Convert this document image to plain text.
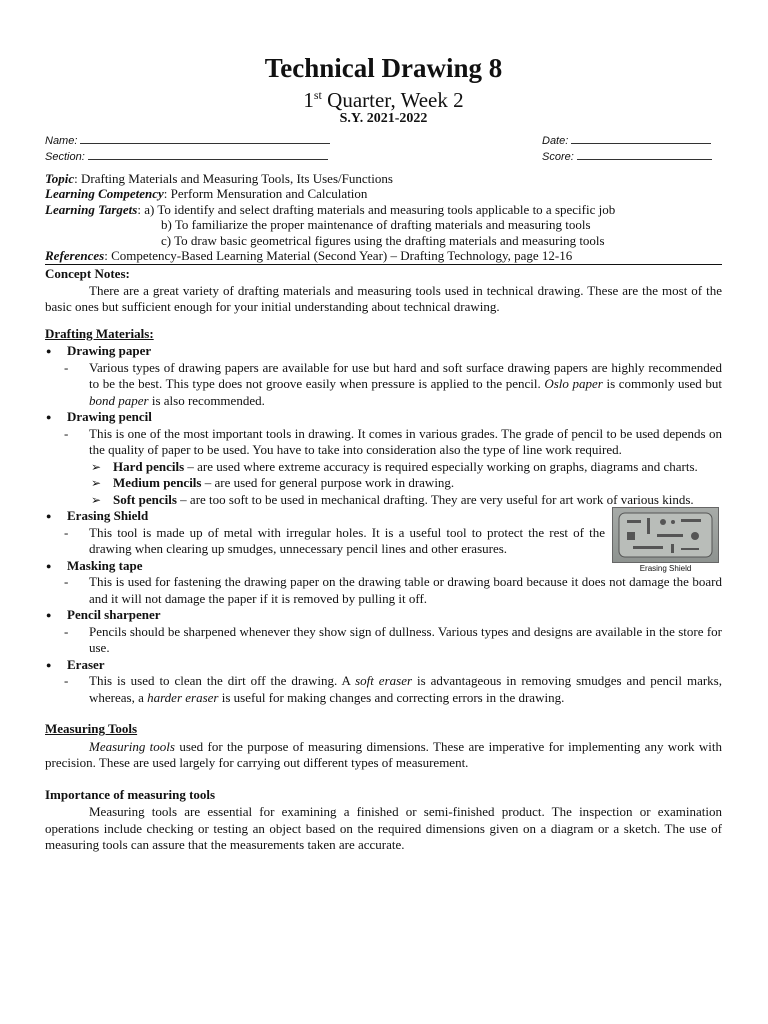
Technical Drawing 8
1st Quarter, Week 2
S.Y. 2021-2022
Name:
Section:
Date:
Score:
Topic: Drafting Materials and Measuring Tools, Its Uses/Functions
Learning Competency: Perform Mensuration and Calculation
Learning Targets: a) To identify and select drafting materials and measuring tools applicable to a specific job
b) To familiarize the proper maintenance of drafting materials and measuring tools
c) To draw basic geometrical figures using the drafting materials and measuring tools
References: Competency-Based Learning Material (Second Year) – Drafting Technology, page 12-16
Concept Notes:
There are a great variety of drafting materials and measuring tools used in technical drawing. These are the most of the basic ones but sufficient enough for your initial understanding about technical drawing.
Drafting Materials:
● Drawing paper
- Various types of drawing papers are available for use but hard and soft surface drawing papers are highly recommended to be the best. This type does not groove easily when pressure is applied to the pencil. Oslo paper is commonly used but bond paper is also recommended.
● Drawing pencil
- This is one of the most important tools in drawing. It comes in various grades. The grade of pencil to be used depends on the quality of paper to be used. You have to take into consideration also the type of line work required.
➢ Hard pencils – are used where extreme accuracy is required especially working on graphs, diagrams and charts.
➢ Medium pencils – are used for general purpose work in drawing.
➢ Soft pencils – are too soft to be used in mechanical drafting. They are very useful for art work of various kinds.
● Erasing Shield
- This tool is made up of metal with irregular holes. It is a useful tool to protect the rest of the drawing when clearing up smudges, unnecessary pencil lines and other erasures.
Erasing Shield
● Masking tape
- This is used for fastening the drawing paper on the drawing table or drawing board because it does not damage the board and it will not damage the paper if it is removed by pulling it off.
● Pencil sharpener
- Pencils should be sharpened whenever they show sign of dullness. Various types and designs are available in the store for use.
● Eraser
- This is used to clean the dirt off the drawing. A soft eraser is advantageous in removing smudges and pencil marks, whereas, a harder eraser is useful for making changes and correcting errors in the drawing.
Measuring Tools
Measuring tools used for the purpose of measuring dimensions. These are imperative for implementing any work with precision. These are used largely for carrying out different types of measurement.
Importance of measuring tools
Measuring tools are essential for examining a finished or semi-finished product. The inspection or examination operations include checking or testing an object based on the required dimensions given on a diagram or a sketch. The use of measuring tools can assure that the measurements taken are accurate.
